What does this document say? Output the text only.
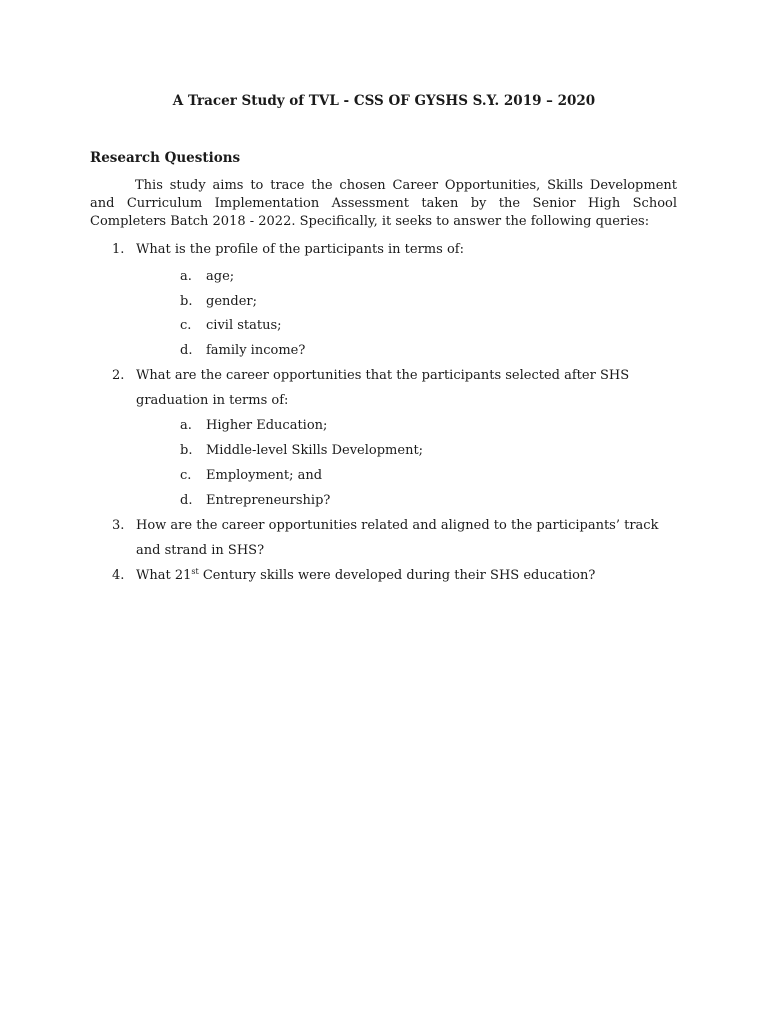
A Tracer Study of TVL - CSS OF GYSHS S.Y. 2019 – 2020
Research Questions

This study aims to trace the chosen Career Opportunities, Skills Development and Curriculum Implementation Assessment taken by the Senior High School Completers Batch 2018 - 2022. Specifically, it seeks to answer the following queries:

1. What is the profile of the participants in terms of:
a. age;
b. gender;
c. civil status;
d. family income?
2. What are the career opportunities that the participants selected after SHS
graduation in terms of:
a. Higher Education;
b. Middle-level Skills Development;
c. Employment; and
d. Entrepreneurship?
3. How are the career opportunities related and aligned to the participants’ track
and strand in SHS?
4. What 21st Century skills were developed during their SHS education?
